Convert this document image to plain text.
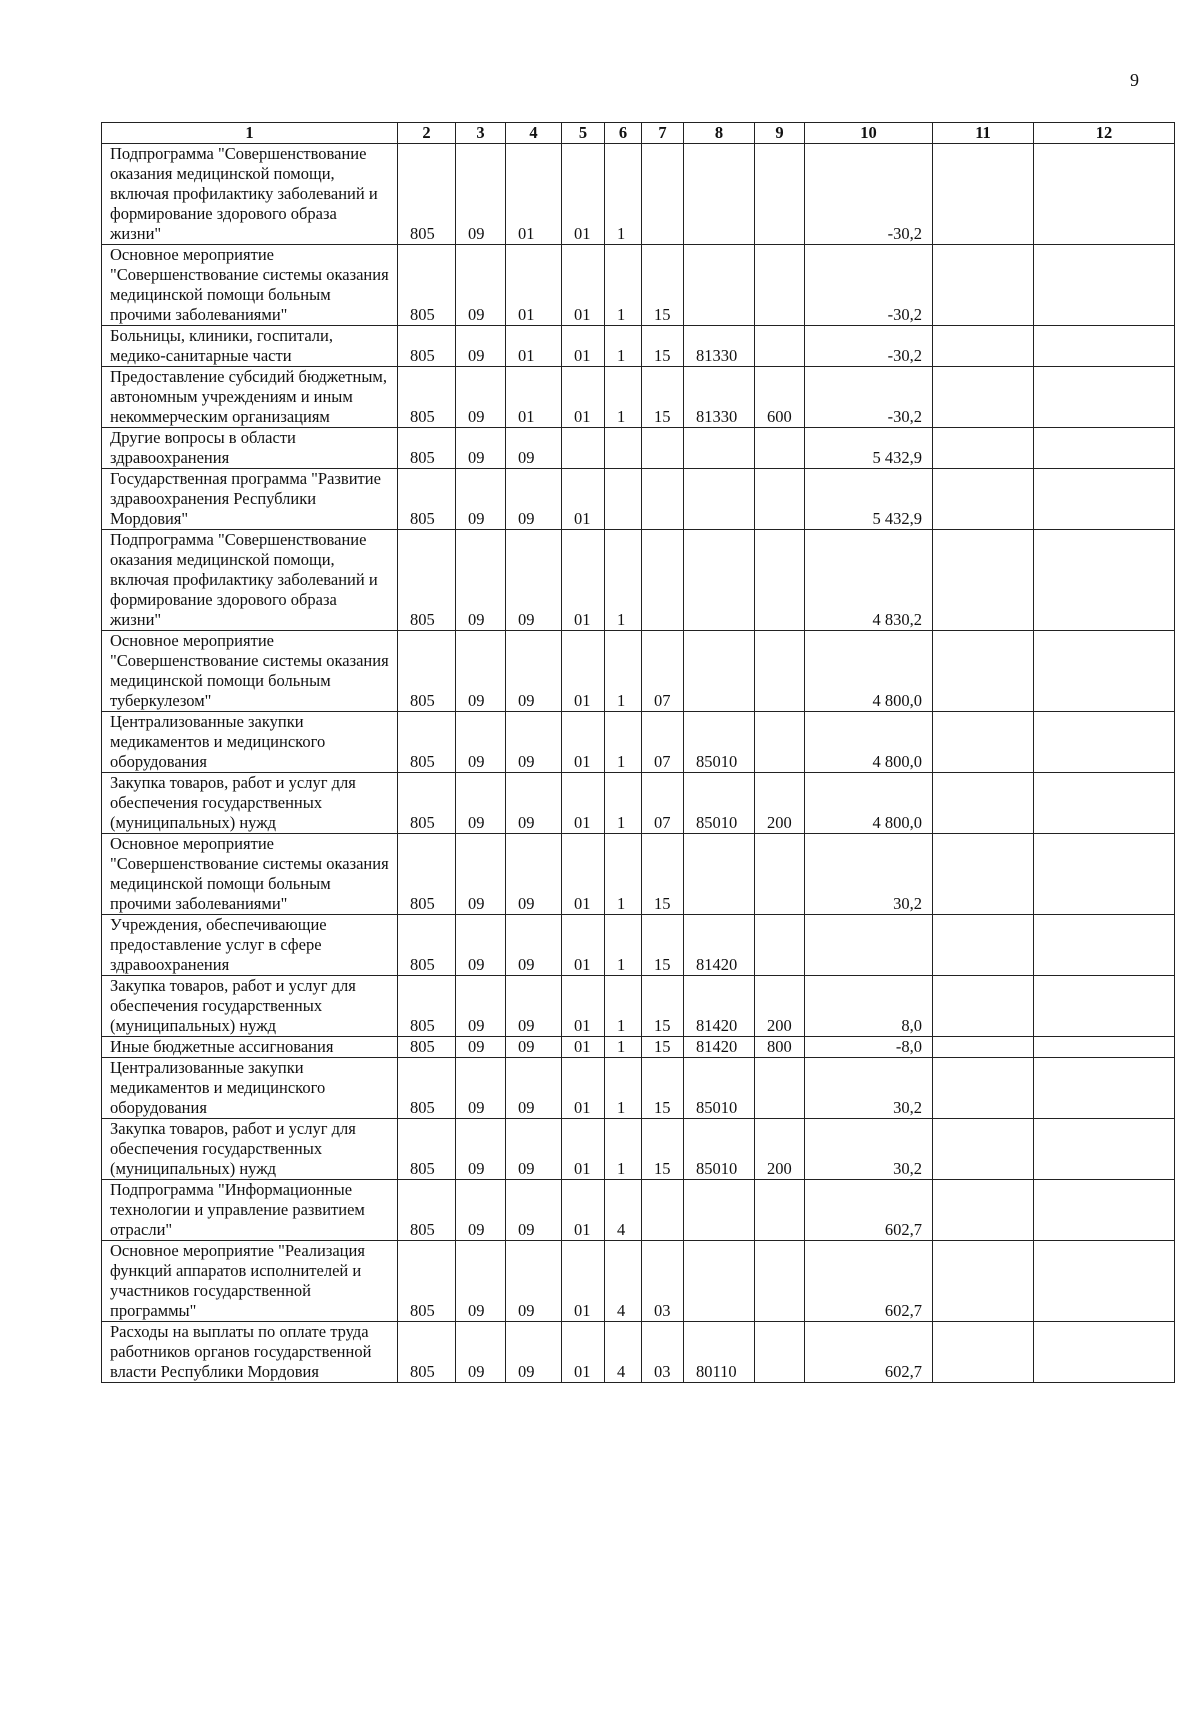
9
1	2	3	4	5	6	7	8	9	10	11	12
Подпрограмма "Совершенствование оказания медицинской помощи, включая профилактику заболеваний и формирование здорового образа жизни"	805	09	01	01	1				-30,2		
Основное мероприятие "Совершенствование системы оказания медицинской помощи больным прочими заболеваниями"	805	09	01	01	1	15			-30,2		
Больницы, клиники, госпитали, медико-санитарные части	805	09	01	01	1	15	81330		-30,2		
Предоставление субсидий бюджетным, автономным учреждениям и иным некоммерческим организациям	805	09	01	01	1	15	81330	600	-30,2		
Другие вопросы в области здравоохранения	805	09	09						5 432,9		
Государственная программа "Развитие здравоохранения Республики Мордовия"	805	09	09	01					5 432,9		
Подпрограмма "Совершенствование оказания медицинской помощи, включая профилактику заболеваний и формирование здорового образа жизни"	805	09	09	01	1				4 830,2		
Основное мероприятие "Совершенствование системы оказания медицинской помощи больным туберкулезом"	805	09	09	01	1	07			4 800,0		
Централизованные закупки медикаментов и медицинского оборудования	805	09	09	01	1	07	85010		4 800,0		
Закупка товаров, работ и услуг для обеспечения государственных (муниципальных) нужд	805	09	09	01	1	07	85010	200	4 800,0		
Основное мероприятие "Совершенствование системы оказания медицинской помощи больным прочими заболеваниями"	805	09	09	01	1	15			30,2		
Учреждения, обеспечивающие предоставление услуг в сфере здравоохранения	805	09	09	01	1	15	81420				
Закупка товаров, работ и услуг для обеспечения государственных (муниципальных) нужд	805	09	09	01	1	15	81420	200	8,0		
Иные бюджетные ассигнования	805	09	09	01	1	15	81420	800	-8,0		
Централизованные закупки медикаментов и медицинского оборудования	805	09	09	01	1	15	85010		30,2		
Закупка товаров, работ и услуг для обеспечения государственных (муниципальных) нужд	805	09	09	01	1	15	85010	200	30,2		
Подпрограмма "Информационные технологии и управление развитием отрасли"	805	09	09	01	4				602,7		
Основное мероприятие "Реализация функций аппаратов исполнителей и участников государственной программы"	805	09	09	01	4	03			602,7		
Расходы на выплаты по оплате труда работников органов государственной власти Республики Мордовия	805	09	09	01	4	03	80110		602,7		
